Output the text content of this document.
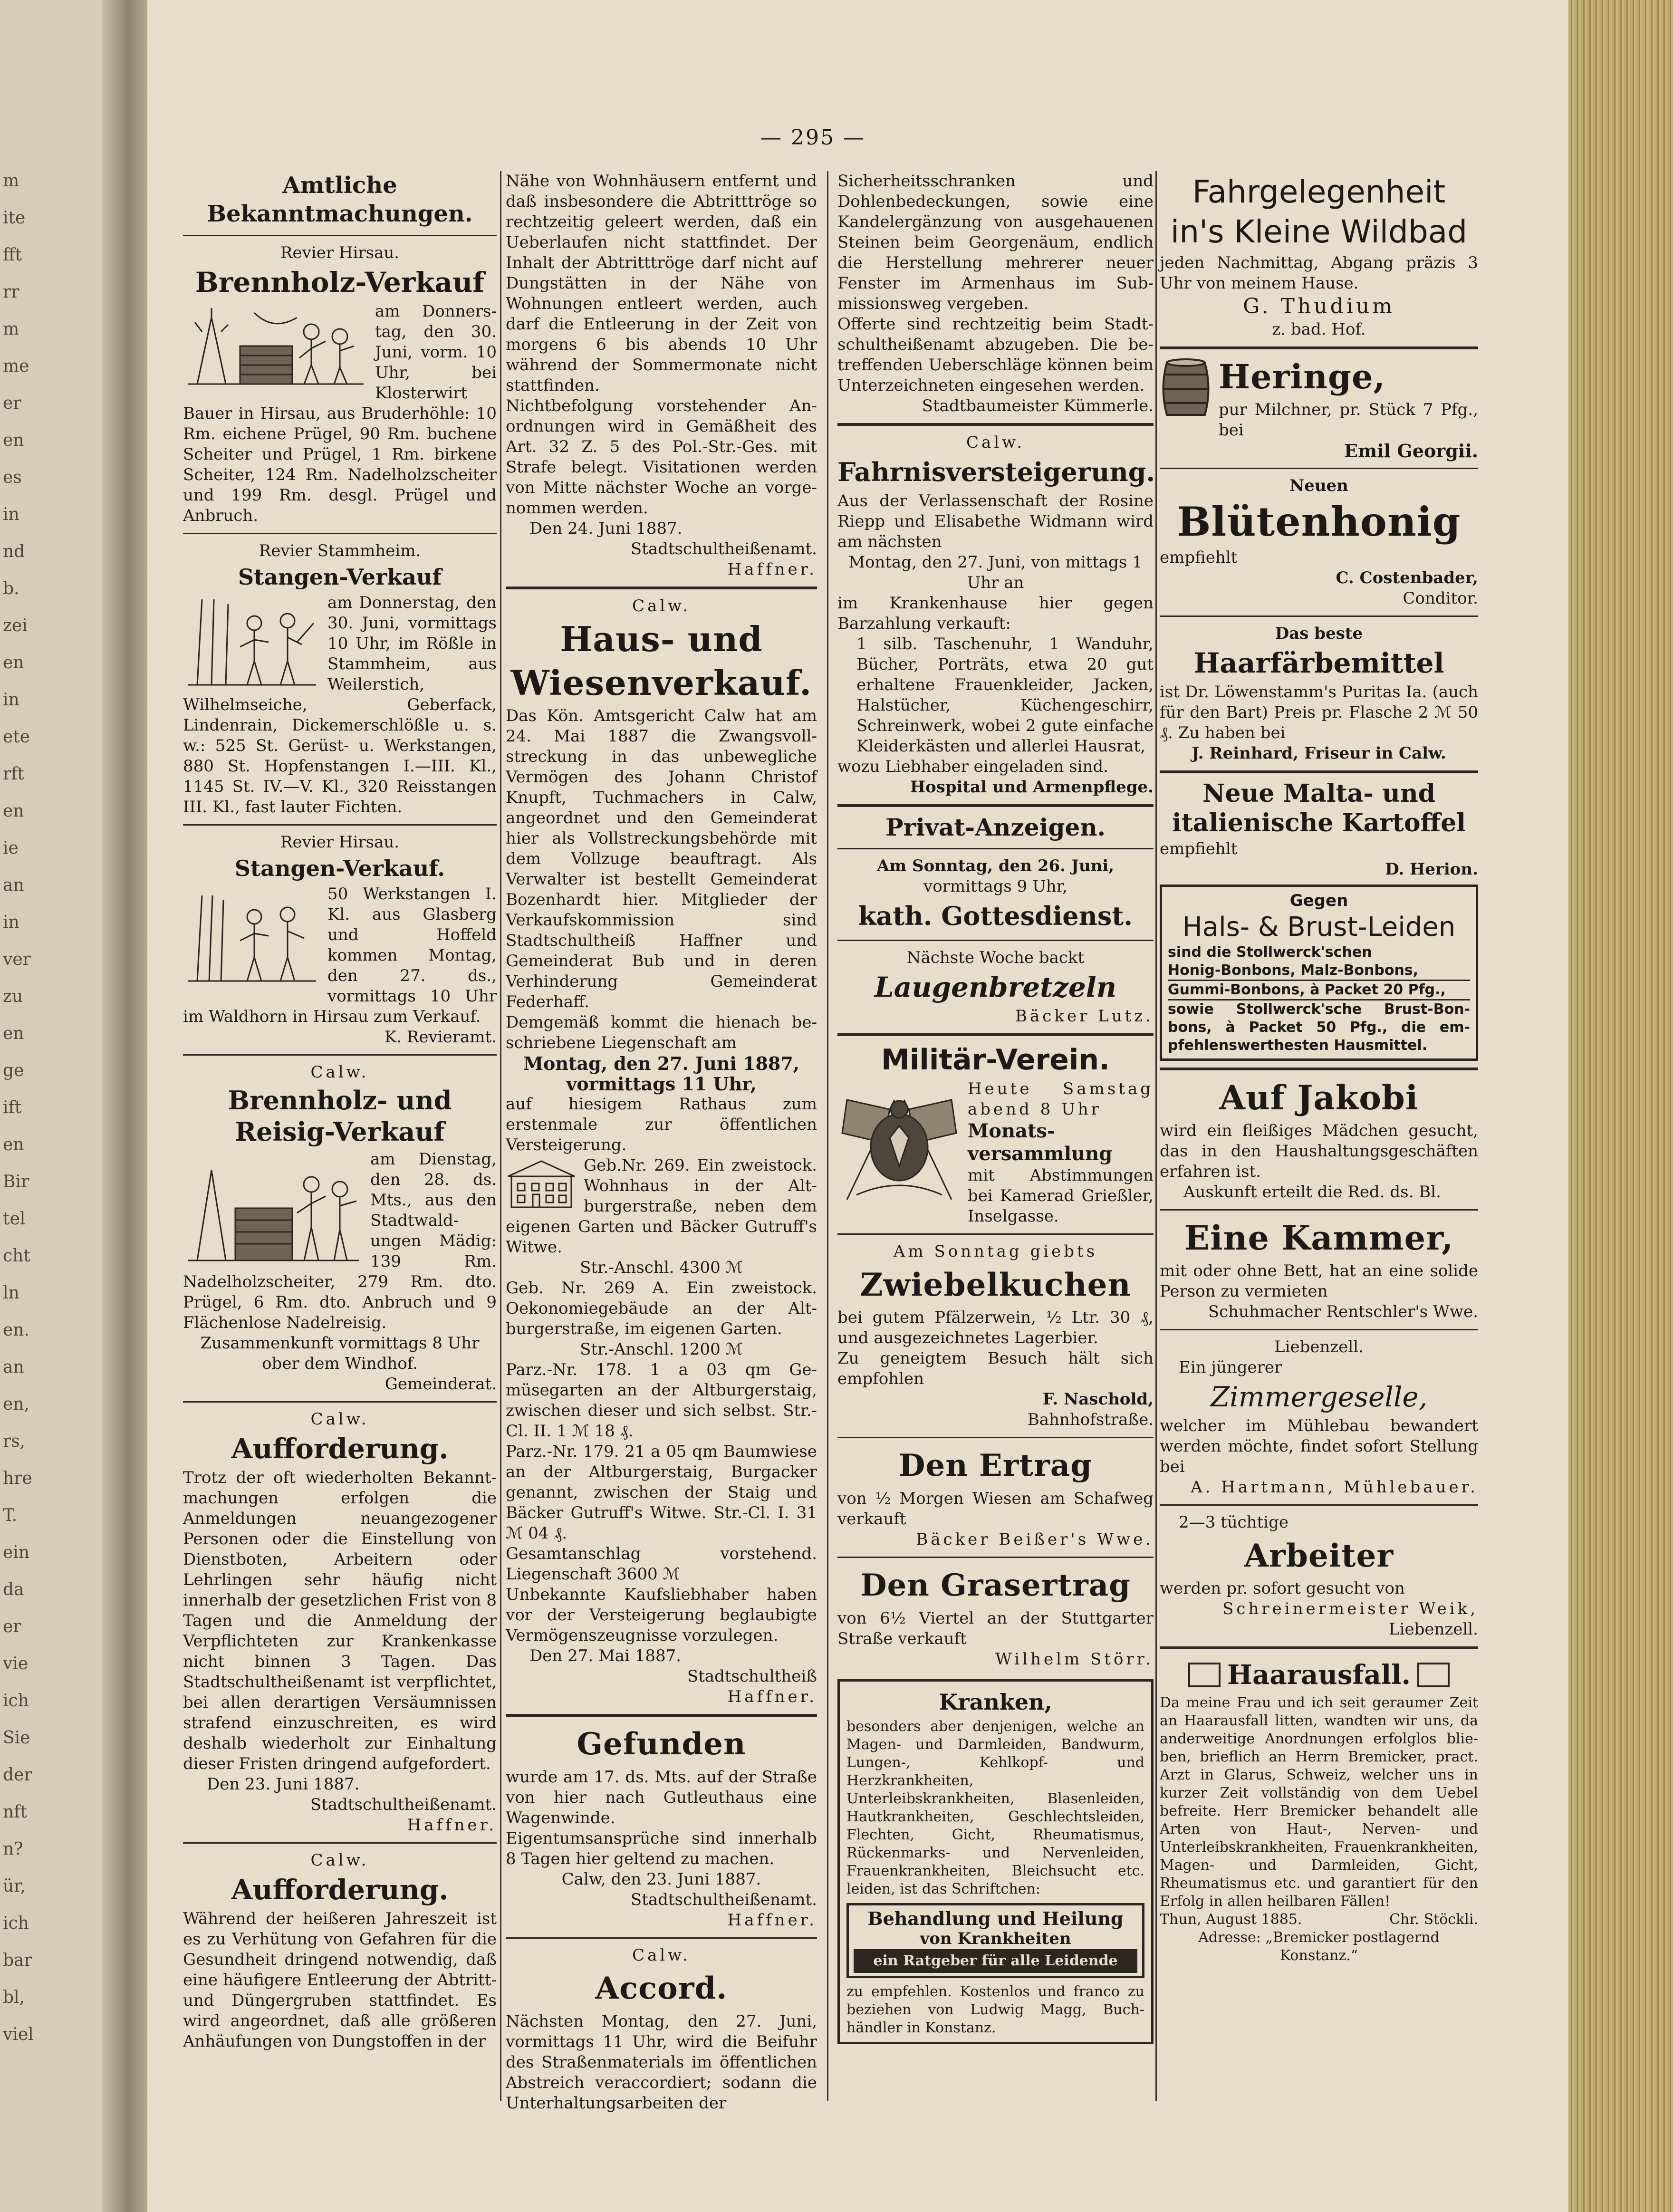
m
ite
fft
rr
m
me
er
en
es
in
nd
b.
zei
en
in
ete
rft
en
ie
an
in
ver
zu
en
ge
ift
en
Bir
tel
cht
ln
en.
an
en,
rs,
hre
T.
ein
da
er
vie
ich
Sie
der
nft
n?
ür,
ich
bar
bl,
viel
— 295 —

Amtliche Bekanntmachungen.

Revier Hirsau.

Brennholz-Verkauf

am Donnerstag, den 30. Juni, vorm. 10 Uhr, bei Klosterwirt Bauer in Hirsau, aus Bruderhöhle: 10 Rm. eichene Prügel, 90 Rm. buchene Scheiter und Prügel, 1 Rm. birkene Scheiter, 124 Rm. Nadelholzscheiter und 199 Rm. desgl. Prügel und Anbruch.

Revier Stammheim.

Stangen-Verkauf

am Donnerstag, den 30. Juni, vormittags 10 Uhr, im Rößle in Stammheim, aus Weilerstich, Wilhelmseiche, Geberfack, Lindenrain, Dickemerschlößle u. s. w.: 525 St. Gerüst- u. Werkstangen, 880 St. Hopfenstangen I.—III. Kl., 1145 St. IV.—V. Kl., 320 Reisstangen III. Kl., fast lauter Fichten.

Revier Hirsau.

Stangen-Verkauf.

50 Werkstangen I. Kl. aus Glasberg und Hoffeld kommen Montag, den 27. ds., vormittags 10 Uhr im Waldhorn in Hirsau zum Verkauf.

K. Revieramt.

Calw.

Brennholz- und Reisig-Verkauf

am Dienstag, den 28. ds. Mts., aus den Stadtwaldungen Mädig: 139 Rm. Nadelholzscheiter, 279 Rm. dto. Prügel, 6 Rm. dto. Anbruch und 9 Flächenlose Nadelreisig.

Zusammenkunft vormittags 8 Uhr ober dem Windhof.

Gemeinderat.

Calw.

Aufforderung.

Trotz der oft wiederholten Bekanntmachungen erfolgen die Anmeldungen neuangezogener Personen oder die Einstellung von Dienstboten, Arbeitern oder Lehrlingen sehr häufig nicht innerhalb der gesetzlichen Frist von 8 Tagen und die Anmeldung der Verpflichteten zur Krankenkasse nicht binnen 3 Tagen. Das Stadtschultheißenamt ist verpflichtet, bei allen derartigen Versäumnissen strafend einzuschreiten, es wird deshalb wiederholt zur Einhaltung dieser Fristen dringend aufgefordert.

Den 23. Juni 1887.

Stadtschultheißenamt.

Haffner.

Calw.

Aufforderung.

Während der heißeren Jahreszeit ist es zu Verhütung von Gefahren für die Gesundheit dringend notwendig, daß eine häufigere Entleerung der Abtritt- und Düngergruben stattfindet. Es wird angeordnet, daß alle größeren Anhäufungen von Dungstoffen in der

Nähe von Wohnhäusern entfernt und daß insbesondere die Abtritttröge so rechtzeitig geleert werden, daß ein Ueberlaufen nicht stattfindet. Der Inhalt der Abtritttröge darf nicht auf Dungstätten in der Nähe von Wohnungen entleert werden, auch darf die Entleerung in der Zeit von morgens 6 bis abends 10 Uhr während der Sommermonate nicht stattfinden.

Nichtbefolgung vorstehender Anordnungen wird in Gemäßheit des Art. 32 Z. 5 des Pol.-Str.-Ges. mit Strafe belegt. Visitationen werden von Mitte nächster Woche an vorgenommen werden.

Den 24. Juni 1887.

Stadtschultheißenamt.

Haffner.

Calw.

Haus- und

Wiesenverkauf.

Das Kön. Amtsgericht Calw hat am 24. Mai 1887 die Zwangsvollstreckung in das unbewegliche Vermögen des Johann Christof Knupft, Tuchmachers in Calw, angeordnet und den Gemeinderat hier als Vollstreckungsbehörde mit dem Vollzuge beauftragt. Als Verwalter ist bestellt Gemeinderat Bozenhardt hier. Mitglieder der Verkaufskommission sind Stadtschultheiß Haffner und Gemeinderat Bub und in deren Verhinderung Gemeinderat Federhaff.

Demgemäß kommt die hienach beschriebene Liegenschaft am

Montag, den 27. Juni 1887,

vormittags 11 Uhr,

auf hiesigem Rathaus zum erstenmale zur öffentlichen Versteigerung.

Geb.Nr. 269. Ein zweistock. Wohnhaus in der Altburgerstraße, neben dem eigenen Garten und Bäcker Gutruff's Witwe.

Str.-Anschl. 4300 ℳ

Geb. Nr. 269 A. Ein zweistock. Oekonomiegebäude an der Altburgerstraße, im eigenen Garten.

Str.-Anschl. 1200 ℳ

Parz.-Nr. 178. 1 a 03 qm Gemüsegarten an der Altburgerstaig, zwischen dieser und sich selbst. Str.-Cl. II. 1 ℳ 18 ₰.

Parz.-Nr. 179. 21 a 05 qm Baumwiese an der Altburgerstaig, Burgacker genannt, zwischen der Staig und Bäcker Gutruff's Witwe. Str.-Cl. I. 31 ℳ 04 ₰.

Gesamtanschlag vorstehend. Liegenschaft 3600 ℳ

Unbekannte Kaufsliebhaber haben vor der Versteigerung beglaubigte Vermögenszeugnisse vorzulegen.

Den 27. Mai 1887.

Stadtschultheiß

Haffner.

Gefunden

wurde am 17. ds. Mts. auf der Straße von hier nach Gutleuthaus eine Wagenwinde.

Eigentumsansprüche sind innerhalb 8 Tagen hier geltend zu machen.

Calw, den 23. Juni 1887.

Stadtschultheißenamt.

Haffner.

Calw.

Accord.

Nächsten Montag, den 27. Juni, vormittags 11 Uhr, wird die Beifuhr des Straßenmaterials im öffentlichen Abstreich veraccordiert; sodann die Unterhaltungsarbeiten der

Sicherheitsschranken und Dohlenbedeckungen, sowie eine Kandelergänzung von ausgehauenen Steinen beim Georgenäum, endlich die Herstellung mehrerer neuer Fenster im Armenhaus im Submissionsweg vergeben.

Offerte sind rechtzeitig beim Stadtschultheißenamt abzugeben. Die betreffenden Ueberschläge können beim Unterzeichneten eingesehen werden.

Stadtbaumeister Kümmerle.

Calw.

Fahrnisversteigerung.

Aus der Verlassenschaft der Rosine Riepp und Elisabethe Widmann wird am nächsten

Montag, den 27. Juni, von mittags 1 Uhr an

im Krankenhause hier gegen Barzahlung verkauft:

1 silb. Taschenuhr, 1 Wanduhr, Bücher, Porträts, etwa 20 gut erhaltene Frauenkleider, Jacken, Halstücher, Küchengeschirr, Schreinwerk, wobei 2 gute einfache Kleiderkästen und allerlei Hausrat,

wozu Liebhaber eingeladen sind.

Hospital und Armenpflege.

Privat-Anzeigen.

Am Sonntag, den 26. Juni,

vormittags 9 Uhr,

kath. Gottesdienst.

Nächste Woche backt

Laugenbretzeln

Bäcker Lutz.

Militär-Verein.

Heute Samstag abend 8 Uhr

Monatsversammlung

mit Abstimmungen bei Kamerad Grießler, Inselgasse.

Am Sonntag giebts

Zwiebelkuchen

bei gutem Pfälzerwein, ½ Ltr. 30 ₰, und ausgezeichnetes Lagerbier.

Zu geneigtem Besuch hält sich empfohlen

F. Naschold,

Bahnhofstraße.

Den Ertrag

von ½ Morgen Wiesen am Schafweg verkauft

Bäcker Beißer's Wwe.

Den Grasertrag

von 6½ Viertel an der Stuttgarter Straße verkauft

Wilhelm Störr.

Kranken,

besonders aber denjenigen, welche an Magen- und Darmleiden, Bandwurm, Lungen-, Kehlkopf- und Herzkrankheiten, Unterleibskrankheiten, Blasenleiden, Hautkrankheiten, Geschlechtsleiden, Flechten, Gicht, Rheumatismus, Rückenmarks- und Nervenleiden, Frauenkrankheiten, Bleichsucht etc. leiden, ist das Schriftchen:

Behandlung und Heilung

von Krankheiten

ein Ratgeber für alle Leidende

zu empfehlen. Kostenlos und franco zu beziehen von Ludwig Magg, Buchhändler in Konstanz.

Fahrgelegenheit

in's Kleine Wildbad

jeden Nachmittag, Abgang präzis 3 Uhr von meinem Hause.

G. Thudium

z. bad. Hof.

Heringe,

pur Milchner, pr. Stück 7 Pfg., bei

Emil Georgii.

Neuen

Blütenhonig

empfiehlt

C. Costenbader,

Conditor.

Das beste

Haarfärbemittel

ist Dr. Löwenstamm's Puritas Ia. (auch für den Bart) Preis pr. Flasche 2 ℳ 50 ₰. Zu haben bei

J. Reinhard, Friseur in Calw.

Neue Malta- und

italienische Kartoffel

empfiehlt

D. Herion.

Gegen

Hals- & Brust-Leiden

sind die Stollwerck'schen

Honig-Bonbons, Malz-Bonbons,

Gummi-Bonbons, à Packet 20 Pfg.,

sowie Stollwerck'sche Brust-Bonbons, à Packet 50 Pfg., die empfehlenswerthesten Hausmittel.

Auf Jakobi

wird ein fleißiges Mädchen gesucht, das in den Haushaltungsgeschäften erfahren ist.

Auskunft erteilt die Red. ds. Bl.

Eine Kammer,

mit oder ohne Bett, hat an eine solide Person zu vermieten

Schuhmacher Rentschler's Wwe.

Liebenzell.

Ein jüngerer

Zimmergeselle,

welcher im Mühlebau bewandert werden möchte, findet sofort Stellung bei

A. Hartmann, Mühlebauer.

2—3 tüchtige

Arbeiter

werden pr. sofort gesucht von

Schreinermeister Weik,

Liebenzell.

Haarausfall.

Da meine Frau und ich seit geraumer Zeit an Haarausfall litten, wandten wir uns, da anderweitige Anordnungen erfolglos blieben, brieflich an Herrn Bremicker, pract. Arzt in Glarus, Schweiz, welcher uns in kurzer Zeit vollständig von dem Uebel befreite. Herr Bremicker behandelt alle Arten von Haut-, Nerven- und Unterleibskrankheiten, Frauenkrankheiten, Magen- und Darmleiden, Gicht, Rheumatismus etc. und garantiert für den Erfolg in allen heilbaren Fällen!

Thun, August 1885.	Chr. Stöckli.

Adresse: „Bremicker postlagernd Konstanz.“
